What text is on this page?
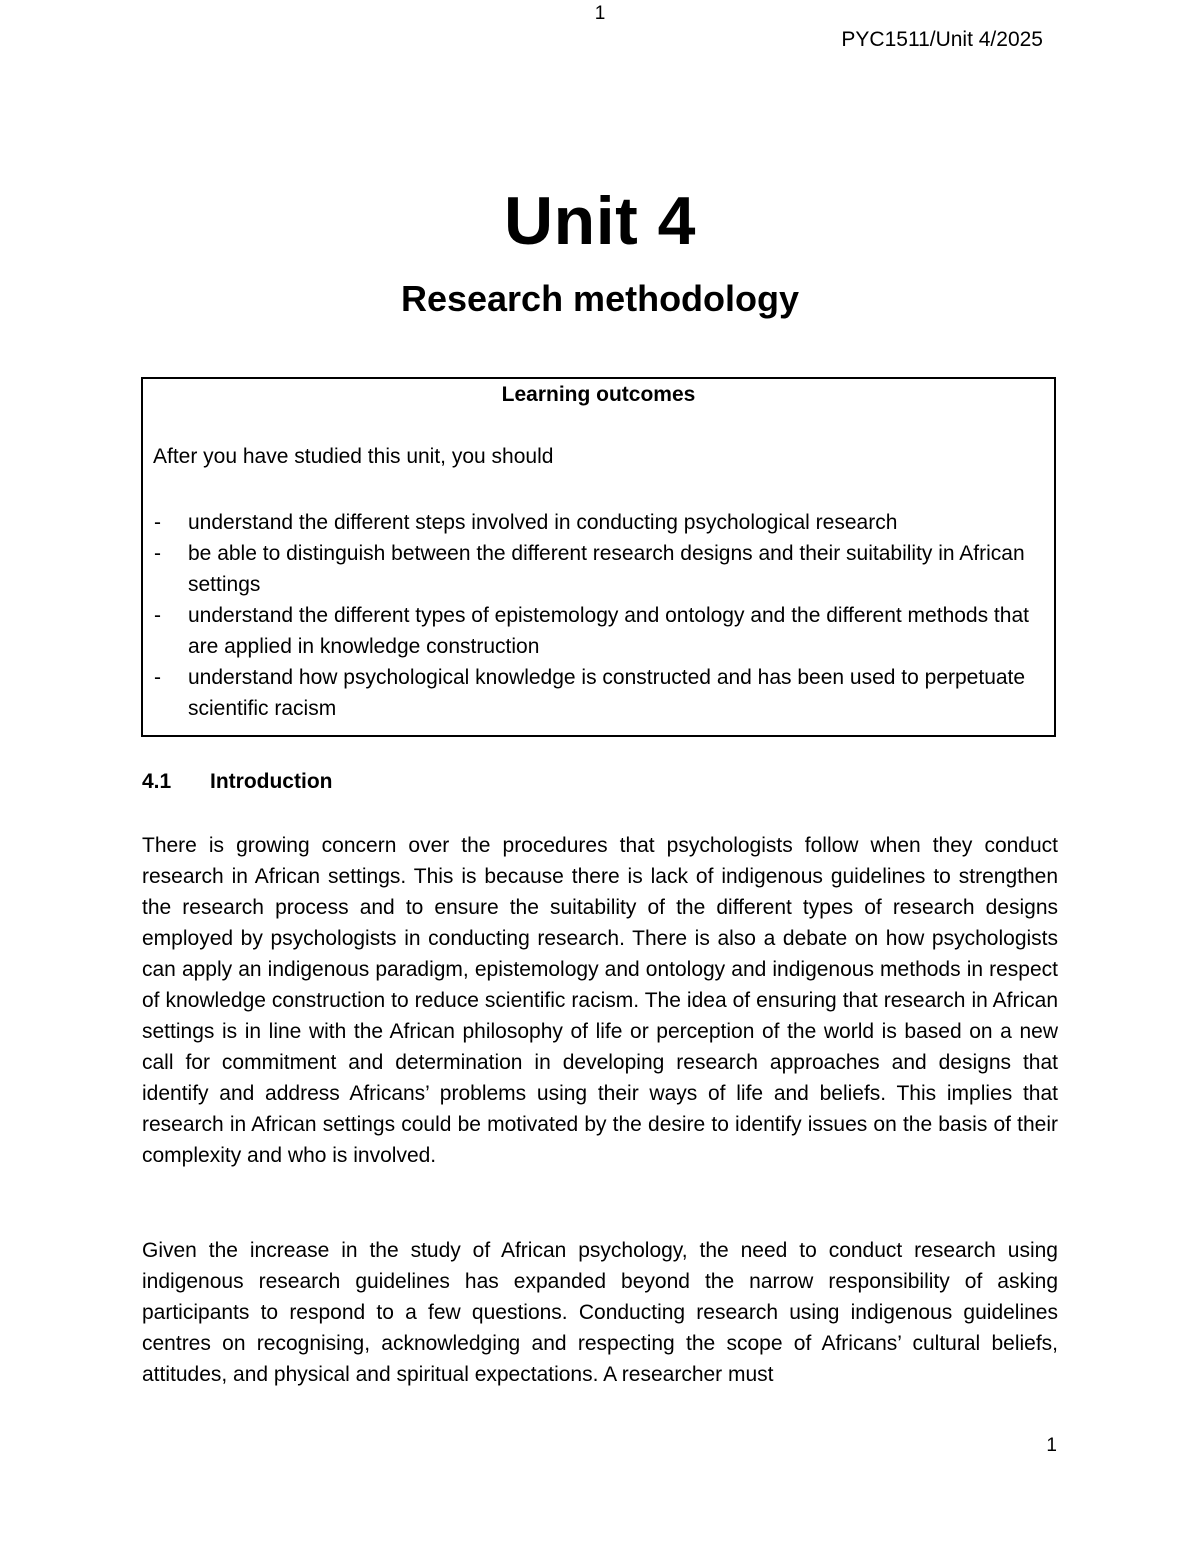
1
PYC1511/Unit 4/2025
Unit 4
Research methodology
Learning outcomes
After you have studied this unit, you should
- understand the different steps involved in conducting psychological research
- be able to distinguish between the different research designs and their suitability in African settings
- understand the different types of epistemology and ontology and the different methods that are applied in knowledge construction
- understand how psychological knowledge is constructed and has been used to perpetuate scientific racism
4.1 Introduction

There is growing concern over the procedures that psychologists follow when they conduct research in African settings. This is because there is lack of indigenous guidelines to strengthen the research process and to ensure the suitability of the different types of research designs employed by psychologists in conducting research. There is also a debate on how psychologists can apply an indigenous paradigm, epistemology and ontology and indigenous methods in respect of knowledge construction to reduce scientific racism. The idea of ensuring that research in African settings is in line with the African philosophy of life or perception of the world is based on a new call for commitment and determination in developing research approaches and designs that identify and address Africans’ problems using their ways of life and beliefs. This implies that research in African settings could be motivated by the desire to identify issues on the basis of their complexity and who is involved.

Given the increase in the study of African psychology, the need to conduct research using indigenous research guidelines has expanded beyond the narrow responsibility of asking participants to respond to a few questions. Conducting research using indigenous guidelines centres on recognising, acknowledging and respecting the scope of Africans’ cultural beliefs, attitudes, and physical and spiritual expectations. A researcher must

1
